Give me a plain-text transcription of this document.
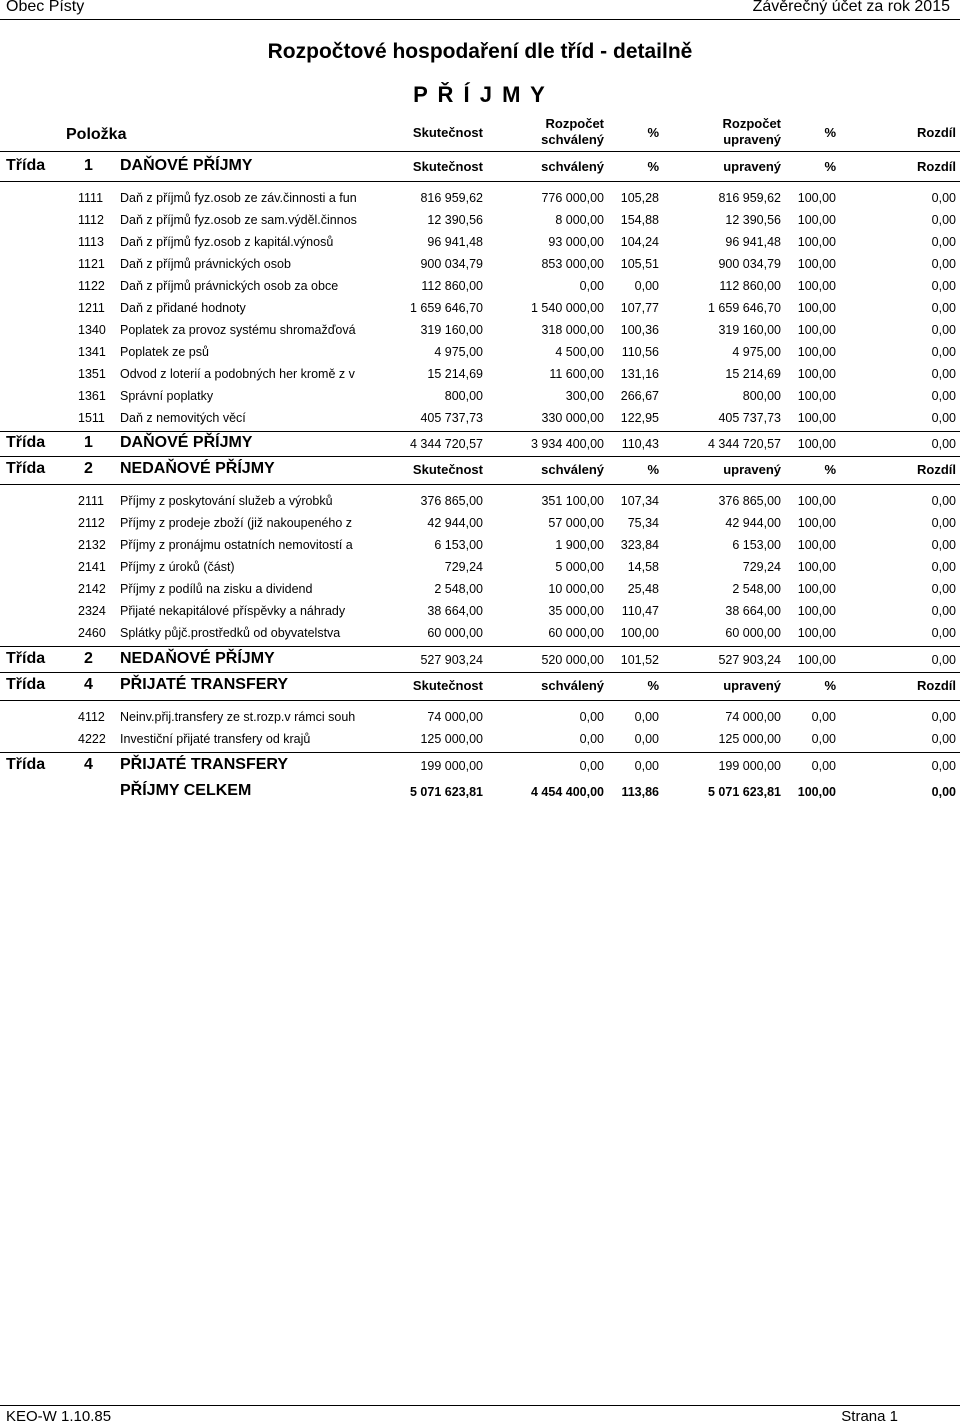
Obec Písty	Závěrečný účet za rok 2015
Rozpočtové hospodaření dle tříd - detailně
P Ř Í J M Y
Položka	Skutečnost
Rozpočet
schválený	%
Rozpočet
upravený	%	Rozdíl
Třída 1 DAŇOVÉ PŘÍJMY	Skutečnost	schválený	%	upravený	%	Rozdíl
1111	Daň z příjmů fyz.osob ze záv.činnosti a fun	816 959,62	776 000,00 105,28	816 959,62 100,00	0,00
1112	Daň z příjmů fyz.osob ze sam.výděl.činnos	12 390,56	8 000,00 154,88	12 390,56 100,00	0,00
1113	Daň z příjmů fyz.osob z kapitál.výnosů	96 941,48	93 000,00 104,24	96 941,48 100,00	0,00
1121 Daň z příjmů právnických osob	900 034,79	853 000,00 105,51	900 034,79 100,00	0,00
1122 Daň z příjmů právnických osob za obce	112 860,00	0,00 0,00	112 860,00 100,00	0,00
1211 Daň z přidané hodnoty	1 659 646,70	1 540 000,00 107,77	1 659 646,70 100,00	0,00
1340 Poplatek za provoz systému shromažďová	319 160,00	318 000,00 100,36	319 160,00 100,00	0,00
1341 Poplatek ze psů	4 975,00	4 500,00 110,56	4 975,00 100,00	0,00
1351 Odvod z loterií a podobných her kromě z v	15 214,69	11 600,00 131,16	15 214,69 100,00	0,00
1361 Správní poplatky	800,00	300,00 266,67	800,00 100,00	0,00
1511 Daň z nemovitých věcí	405 737,73	330 000,00 122,95	405 737,73 100,00	0,00
Třída 1 DAŇOVÉ PŘÍJMY	4 344 720,57	3 934 400,00 110,43	4 344 720,57 100,00	0,00
Třída 2 NEDAŇOVÉ PŘÍJMY	Skutečnost	schválený	%	upravený	%	Rozdíl
2111	Příjmy z poskytování služeb a výrobků	376 865,00	351 100,00 107,34	376 865,00 100,00	0,00
2112 Příjmy z prodeje zboží (již nakoupeného z	42 944,00	57 000,00 75,34	42 944,00 100,00	0,00
2132 Příjmy z pronájmu ostatních nemovitostí a	6 153,00	1 900,00 323,84	6 153,00 100,00	0,00
2141 Příjmy z úroků (část)	729,24	5 000,00 14,58	729,24 100,00	0,00
2142 Příjmy z podílů na zisku a dividend	2 548,00	10 000,00 25,48	2 548,00 100,00	0,00
2324 Přijaté nekapitálové příspěvky a náhrady	38 664,00	35 000,00 110,47	38 664,00 100,00	0,00
2460 Splátky půjč.prostředků od obyvatelstva	60 000,00	60 000,00 100,00	60 000,00 100,00	0,00
Třída 2 NEDAŇOVÉ PŘÍJMY	527 903,24	520 000,00 101,52	527 903,24 100,00	0,00
Třída 4 PŘIJATÉ TRANSFERY	Skutečnost	schválený	%	upravený	%	Rozdíl
4112 Neinv.přij.transfery ze st.rozp.v rámci souh	74 000,00	0,00 0,00	74 000,00 0,00	0,00
4222 Investiční přijaté transfery od krajů	125 000,00	0,00 0,00	125 000,00 0,00	0,00
Třída 4 PŘIJATÉ TRANSFERY	199 000,00	0,00 0,00	199 000,00 0,00	0,00
PŘÍJMY CELKEM	5 071 623,81	4 454 400,00 113,86	5 071 623,81 100,00	0,00
KEO-W 1.10.85	Strana 1
